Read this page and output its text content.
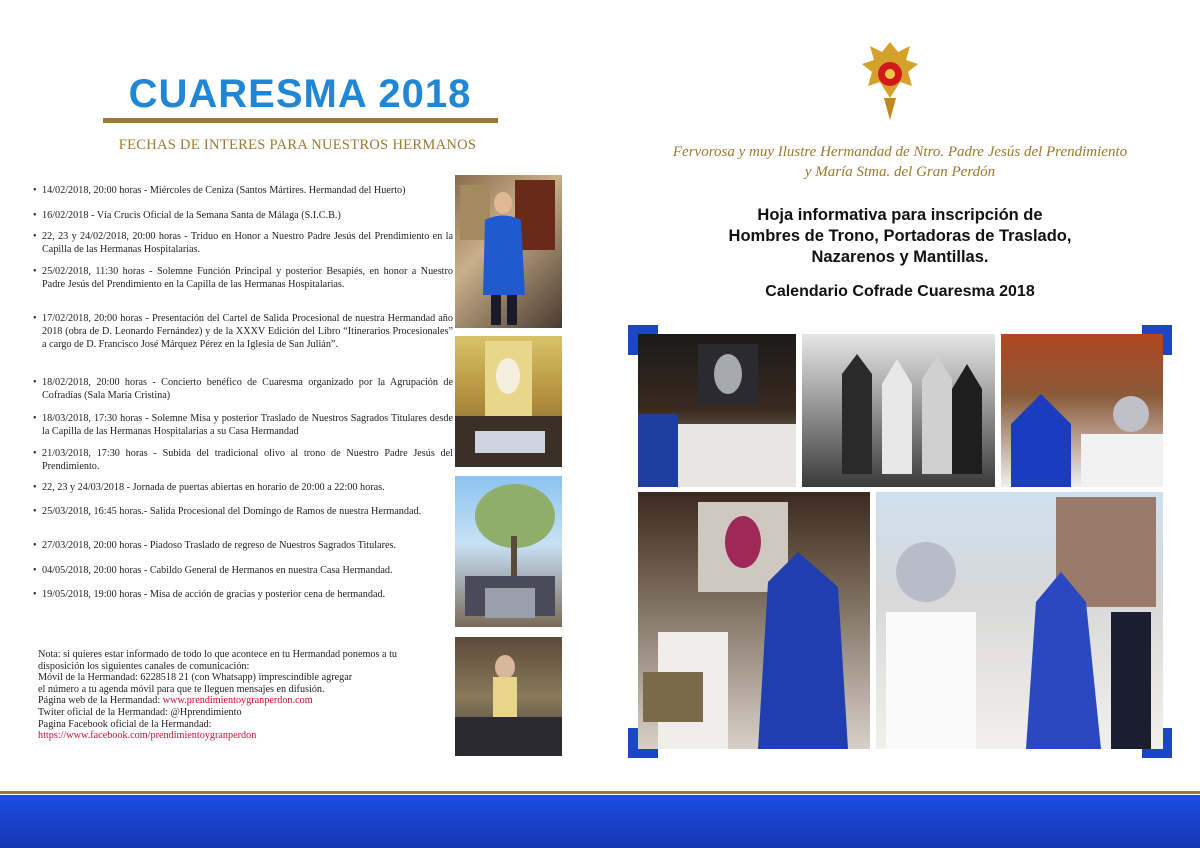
CUARESMA 2018
FECHAS DE INTERES PARA NUESTROS HERMANOS
• 14/02/2018, 20:00 horas - Miércoles de Ceniza (Santos Mártires. Hermandad del Huerto)
• 16/02/2018 - Vía Crucis Oficial de la Semana Santa de Málaga (S.I.C.B.)
• 22, 23 y 24/02/2018, 20:00 horas - Triduo en Honor a Nuestro Padre Jesús del Prendimiento en la Capilla de las Hermanas Hospitalarias.
• 25/02/2018, 11:30 horas - Solemne Función Principal y posterior Besapiés, en honor a Nuestro Padre Jesús del Prendimiento en la Capilla de las Hermanas Hospitalarias.
• 17/02/2018, 20:00 horas - Presentación del Cartel de Salida Procesional de nuestra Hermandad año 2018 (obra de D. Leonardo Fernández) y de la XXXV Edición del Libro “Itinerarios Procesionales” a cargo de D. Francisco José Márquez Pérez en la Iglesia de San Julián”.
• 18/02/2018, 20:00 horas - Concierto benéfico de Cuaresma organizado por la Agrupación de Cofradías (Sala María Cristina)
• 18/03/2018, 17:30 horas - Solemne Misa y posterior Traslado de Nuestros Sagrados Titulares desde la Capilla de las Hermanas Hospitalarias a su Casa Hermandad
• 21/03/2018, 17:30 horas - Subida del tradicional olivo al trono de Nuestro Padre Jesús del Prendimiento.
• 22, 23 y 24/03/2018 - Jornada de puertas abiertas en horario de 20:00 a 22:00 horas.
• 25/03/2018, 16:45 horas.- Salida Procesional del Domingo de Ramos de nuestra Hermandad.
• 27/03/2018, 20:00 horas - Piadoso Traslado de regreso de Nuestros Sagrados Titulares.
• 04/05/2018, 20:00 horas - Cabildo General de Hermanos en nuestra Casa Hermandad.
• 19/05/2018, 19:00 horas - Misa de acción de gracias y posterior cena de hermandad.
Nota: si quieres estar informado de todo lo que acontece en tu Hermandad ponemos a tu
disposición los siguientes canales de comunicación:
Móvil de la Hermandad: 6228518 21 (con Whatsapp) imprescindible agregar
el número a tu agenda móvil para que te lleguen mensajes en difusión.
Página web de la Hermandad: www.prendimientoygranperdon.com
Twiter oficial de la Hermandad: @Hprendimiento
Pagina Facebook oficial de la Hermandad:
https://www.facebook.com/prendimientoygranperdon
Fervorosa y muy Ilustre Hermandad de Ntro. Padre Jesús del Prendimiento
y María Stma. del Gran Perdón
Hoja informativa para inscripción de
Hombres de Trono, Portadoras de Traslado,
Nazarenos y Mantillas.
Calendario Cofrade Cuaresma 2018
